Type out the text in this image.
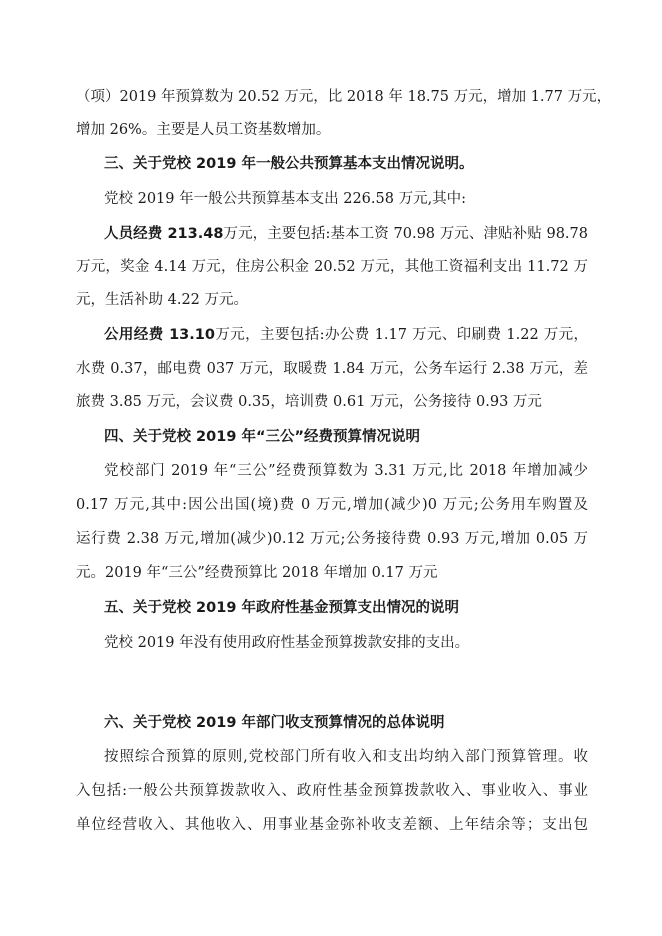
（项）2019 年预算数为 20.52 万元，比 2018 年 18.75 万元，增加 1.77 万元，
增加 26%。主要是人员工资基数增加。
三、关于党校 2019 年一般公共预算基本支出情况说明。
党校 2019 年一般公共预算基本支出 226.58 万元,其中:
人员经费 213.48万元，主要包括:基本工资 70.98 万元、津贴补贴 98.78
万元，奖金 4.14 万元，住房公积金 20.52 万元，其他工资福利支出 11.72 万
元，生活补助 4.22 万元。
公用经费 13.10万元，主要包括:办公费 1.17 万元、印刷费 1.22 万元，
水费 0.37，邮电费 037 万元，取暖费 1.84 万元，公务车运行 2.38 万元，差
旅费 3.85 万元，会议费 0.35，培训费 0.61 万元，公务接待 0.93 万元
四、关于党校 2019 年“三公”经费预算情况说明
党校部门 2019 年“三公”经费预算数为 3.31 万元,比 2018 年增加减少
0.17 万元,其中:因公出国(境)费 0 万元,增加(减少)0 万元;公务用车购置及
运行费 2.38 万元,增加(减少)0.12 万元;公务接待费 0.93 万元,增加 0.05 万
元。2019 年“三公”经费预算比 2018 年增加 0.17 万元
五、关于党校 2019 年政府性基金预算支出情况的说明
党校 2019 年没有使用政府性基金预算拨款安排的支出。
六、关于党校 2019 年部门收支预算情况的总体说明
按照综合预算的原则,党校部门所有收入和支出均纳入部门预算管理。收
入包括:一般公共预算拨款收入、政府性基金预算拨款收入、事业收入、事业
单位经营收入、其他收入、用事业基金弥补收支差额、上年结余等；支出包
